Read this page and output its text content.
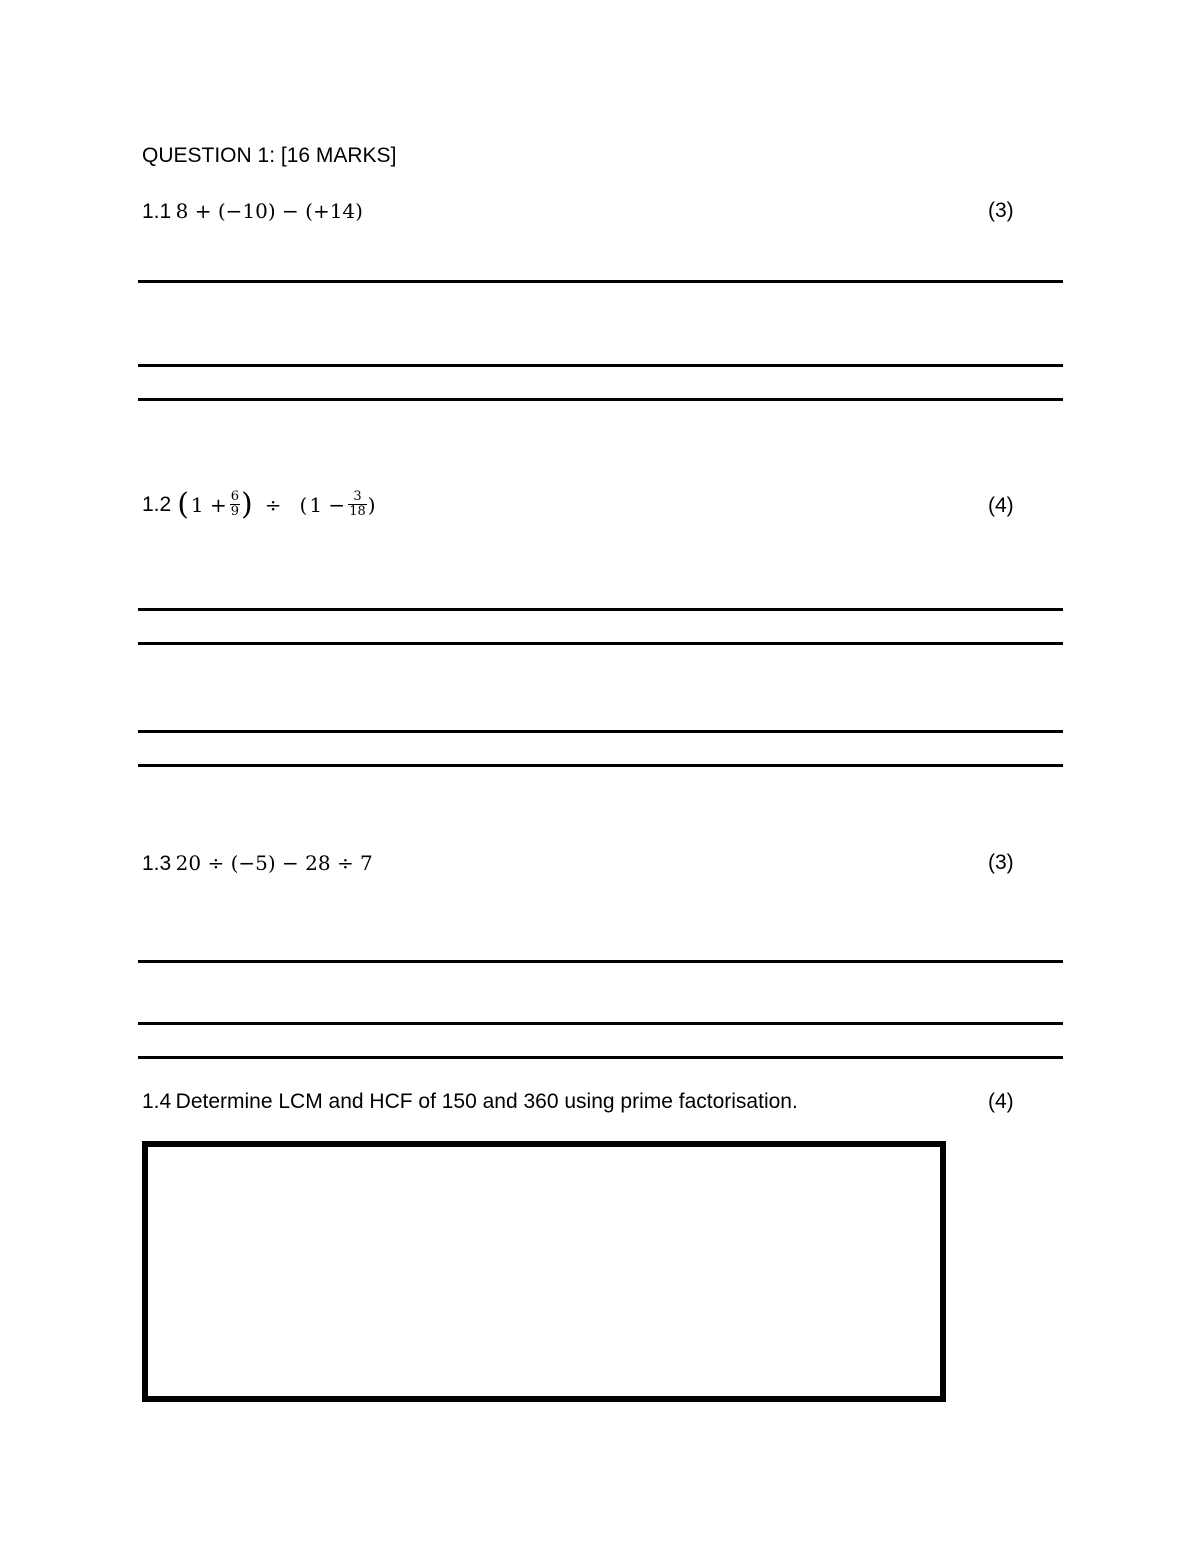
QUESTION 1: [16 MARKS]
1.1 8 + (−10) − (+14)	(3)
1.2 ( $1 + \frac{6}{9}$ ) ÷ ( $1 - \frac{3}{18}$ )	(4)
1.3 20 ÷ (−5) − 28 ÷ 7	(3)
1.4 Determine LCM and HCF of 150 and 360 using prime factorisation.	(4)
